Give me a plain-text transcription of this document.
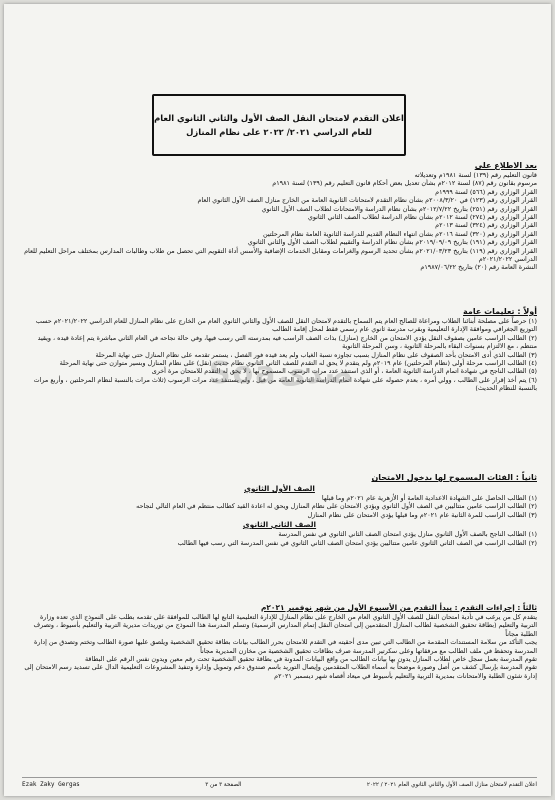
اعلان التقدم لامتحان النقل الصف الأول والثاني الثانوي العام
للعام الدراسي ٢٠٢١/ ٢٠٢٢ على نظام المنازل
بعد الاطلاع على
قانون التعليم رقم (١٣٩) لسنة ١٩٨١م وتعديلاته
مرسوم بقانون رقم (٨٧) لسنة ٢٠١٢م بشأن تعديل بعض أحكام قانون التعليم رقم (١٣٩) لسنة ١٩٨١م
القرار الوزاري رقم (٥٦٦) لسنة ١٩٩٩م
القرار الوزاري رقم (١٢٣) في ٢٠٠٨/٣/٢٠م بشأن نظام التقدم لامتحانات الثانوية العامة من الخارج منازل الصف الأول الثانوي العام
القرار الوزاري رقم (٢٥١) بتاريخ ٢٠١٢/٧/٢٢م بشأن نظام الدراسة والامتحانات لطلاب الصف الأول الثانوي
القرار الوزاري رقم (٢٧٤) لسنة ٢٠١٢م بشأن نظام الدراسة لطلاب الصف الثاني الثانوي
القرار الوزاري رقم (٣٢٤) لسنة ٢٠١٣م
القرار الوزاري رقم (٣٢٠) لسنة ٢٠١٦م بشأن انتهاء النظام القديم للدراسة الثانوية العامة نظام المرحلتين
القرار الوزاري رقم (١٩١) بتاريخ ٢٠١٩/٠٩/٠٩م بشأن نظام الدراسة والتقييم لطلاب الصف الأول والثاني الثانوي
القرار الوزاري رقم (١١٩) بتاريخ ٢٠٢١/٠٣/٢٣م بشأن تحديد الرسوم والغرامات ومقابل الخدمات الإضافية والأسس أداة التقويم التي تحصل من طلاب وطالبات المدارس بمختلف مراحل التعليم للعام الدراسي ٢٠٢١/٢٠٢٢م
النشرة العامة رقم (٢٠) بتاريخ ١٩٨٧/٠٦/٢٢م
أولاً : تعليمات عامة
(١) حرصاً على مصلحة أبنائنا الطلاب ومراعاة للصالح العام يتم السماح بالتقدم لامتحان النقل للصف الأول والثاني الثانوي العام من الخارج على نظام المنازل للعام الدراسي ٢٠٢١/٢٠٢٢م حسب التوزيع الجغرافي وموافقة الإدارة التعليمية وبقرب مدرسة ثانوي عام رسمي فقط لمحل إقامة الطالب
(٢) الطالب الراسب عامين بصفوف النقل يؤدي الامتحان من الخارج (منازل) بذات الصف الراسب فيه بمدرسته التي رسب فيها، وفي حالة نجاحه في العام الثاني مباشرة يتم إعادة قيده ، ويقيد منتظم ، مع الالتزام بسنوات البقاء بالمرحلة الثانوية ، وسن المرحلة الثانوية
(٣) الطالب الذي أدى الامتحان بأحد الصفوف على نظام المنازل بسبب تجاوزه نسبة الغياب ولم يعد قيده فور الفصل ، يستمر تقدمه على نظام المنازل حتى نهاية المرحلة
(٤) الطالب الراسب مرحلة أولى (نظام المرحلتين) عام ٢٠١٩م ولم يتقدم لا يحق له التقدم للصف الثاني الثانوي نظام حديث (نقل) على نظام المنازل وبسير متوازن حتى نهاية المرحلة
(٥) الطالب الناجح في شهادة اتمام الدراسة الثانوية العامة ، أو الذي استنفذ عدد مرات الرسوب المسموح بها ، لا يحق له التقدم للامتحان مرة أخرى
(٦) يتم أخذ إقرار على الطالب ، وولي أمره ، بعدم حصوله على شهادة اتمام الدراسة الثانوية العامة من قبل ، ولم يستنفذ عدد مرات الرسوب (ثلاث مرات بالنسبة لنظام المرحلتين ، وأربع مرات بالنسبة للنظام الحديث)
ثانياً : الفئات المسموح لها بدخول الامتحان
الصف الأول الثانوي
(١) الطالب الحاصل على الشهادة الاعدادية العامة أو الأزهرية عام ٢٠٢١م وما قبلها
(٢) الطالب الراسب عامين متتاليين في الصف الأول الثانوي ويؤدي الامتحان على نظام المنازل ويحق له اعادة القيد كطالب منتظم في العام التالي لنجاحه
(٣) الطالب الراسب للمرة الثانية عام ٢٠٢١م وما قبلها يؤدي الامتحان على نظام المنازل
الصف الثاني الثانوي
(١) الطالب الناجح بالصف الأول الثانوي منازل يؤدي امتحان الصف الثاني الثانوي في نفس المدرسة
(٢) الطالب الراسب في الصف الثاني الثانوي عامين متتاليين يؤدي امتحان الصف الثاني الثانوي في نفس المدرسة التي رسب فيها الطالب
ثالثاً : إجراءات التقدم : يبدأ التقدم من الأسبوع الأول من شهر نوفمبر ٢٠٢١م
يتقدم كل من يرغب في تأدية امتحان النقل للصف الأول الثانوي العام من الخارج على نظام المنازل للإدارة التعليمية التابع لها الطالب للموافقة على تقدمه بطلب على النموذج الذي تعده وزارة التربية والتعليم (بطاقة تحقيق الشخصية لطالب المنازل المتقدمين إلى امتحان النقل إتمام المدارس الرسمية) وتسلم المدرسة هذا النموذج من توريدات مديرية التربية والتعليم بأسيوط ، وتصرف الطلبة مجاناً
يجب التأكد من سلامة المستندات المقدمة من الطالب التي تبين مدى أحقيته في التقدم للامتحان بحرر الطالب بيانات بطاقة تحقيق الشخصية ويلصق عليها صورة الطالب وتختم وتصدق من إدارة المدرسة وتحفظ في ملف الطالب مع مرفقاتها وعلى سكرتير المدرسة صرف بطاقات تحقيق الشخصية من مخازن المديرية مجاناً
تقوم المدرسة بعمل سجل خاص لطلاب المنازل يدون بها بيانات الطالب من واقع البيانات المدونة في بطاقة تحقيق الشخصية تحت رقم معين ويدون نفس الرقم على البطاقة
تقوم المدرسة بإرسال كشف من أصل وصورة موضحاً به أسماء الطلاب المتقدمين وإيصال التوريد باسم صندوق دعم وتمويل وإدارة وتنفيذ المشروعات التعليمية الدال على تسديد رسم الامتحان إلى إدارة شئون الطلبة والامتحانات بمديرية التربية والتعليم بأسيوط في ميعاد أقصاه شهر ديسمبر ٢٠٢١م
Soa صدى
Ezak Zaky Gergas	الصفحة ٣ من ٣	اعلان التقدم لامتحان منازل الصف الأول والثاني الثانوي العام ٢٠٢١ / ٢٠٢٢
